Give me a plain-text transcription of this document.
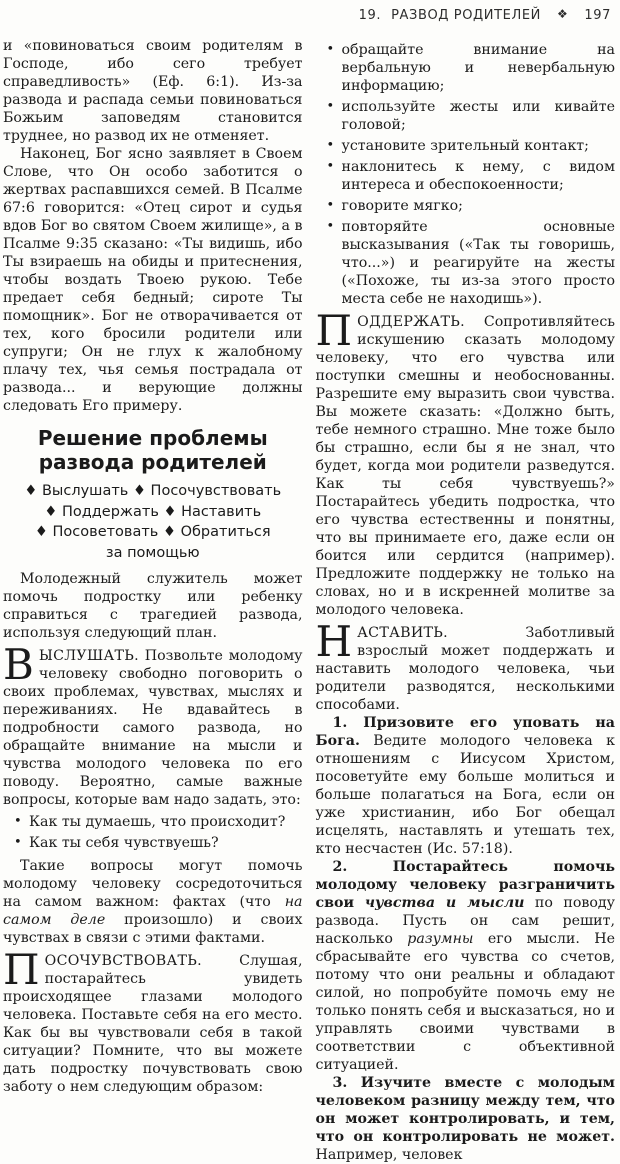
19. РАЗВОД РОДИТЕЛЕЙ ❖ 197

и «повиноваться своим родителям в Господе, ибо сего требует справедливость» (Еф. 6:1). Из-за развода и распада семьи повиноваться Божьим заповедям становится труднее, но развод их не отменяет.

Наконец, Бог ясно заявляет в Своем Слове, что Он особо заботится о жертвах распавшихся семей. В Псалме 67:6 говорится: «Отец сирот и судья вдов Бог во святом Своем жилище», а в Псалме 9:35 сказано: «Ты видишь, ибо Ты взираешь на обиды и притеснения, чтобы воздать Твоею рукою. Тебе предает себя бедный; сироте Ты помощник». Бог не отворачивается от тех, кого бросили родители или супруги; Он не глух к жалобному плачу тех, чья семья пострадала от развода... и верующие должны следовать Его примеру.

Решение проблемы
развода родителей
♦ Выслушать ♦ Посочувствовать
♦ Поддержать ♦ Наставить
♦ Посоветовать ♦ Обратиться
за помощью

Молодежный служитель может помочь подростку или ребенку справиться с трагедией развода, используя следующий план.

ВЫСЛУШАТЬ. Позвольте молодому человеку свободно поговорить о своих проблемах, чувствах, мыслях и переживаниях. Не вдавайтесь в подробности самого развода, но обращайте внимание на мысли и чувства молодого человека по его поводу. Вероятно, самые важные вопросы, которые вам надо задать, это:

• Как ты думаешь, что происходит?
• Как ты себя чувствуешь?

Такие вопросы могут помочь молодому человеку сосредоточиться на самом важном: фактах (что на самом деле произошло) и своих чувствах в связи с этими фактами.

ПОСОЧУВСТВОВАТЬ. Слушая, постарайтесь увидеть происходящее глазами молодого человека. Поставьте себя на его место. Как бы вы чувствовали себя в такой ситуации? Помните, что вы можете дать подростку почувствовать свою заботу о нем следующим образом:

• обращайте внимание на вербальную и невербальную информацию;
• используйте жесты или кивайте головой;
• установите зрительный контакт;
• наклонитесь к нему, с видом интереса и обеспокоенности;
• говорите мягко;
• повторяйте основные высказывания («Так ты говоришь, что...») и реагируйте на жесты («Похоже, ты из-за этого просто места себе не находишь»).

ПОДДЕРЖАТЬ. Сопротивляйтесь искушению сказать молодому человеку, что его чувства или поступки смешны и необоснованны. Разрешите ему выразить свои чувства. Вы можете сказать: «Должно быть, тебе немного страшно. Мне тоже было бы страшно, если бы я не знал, что будет, когда мои родители разведутся. Как ты себя чувствуешь?» Постарайтесь убедить подростка, что его чувства естественны и понятны, что вы принимаете его, даже если он боится или сердится (например). Предложите поддержку не только на словах, но и в искренней молитве за молодого человека.

НАСТАВИТЬ. Заботливый взрослый может поддержать и наставить молодого человека, чьи родители разводятся, несколькими способами.

1. Призовите его уповать на Бога. Ведите молодого человека к отношениям с Иисусом Христом, посоветуйте ему больше молиться и больше полагаться на Бога, если он уже христианин, ибо Бог обещал исцелять, наставлять и утешать тех, кто несчастен (Ис. 57:18).

2. Постарайтесь помочь молодому человеку разграничить свои чувства и мысли по поводу развода. Пусть он сам решит, насколько разумны его мысли. Не сбрасывайте его чувства со счетов, потому что они реальны и обладают силой, но попробуйте помочь ему не только понять себя и высказаться, но и управлять своими чувствами в соответствии с объективной ситуацией.

3. Изучите вместе с молодым человеком разницу между тем, что он может контролировать, и тем, что он контролировать не может. Например, человек
